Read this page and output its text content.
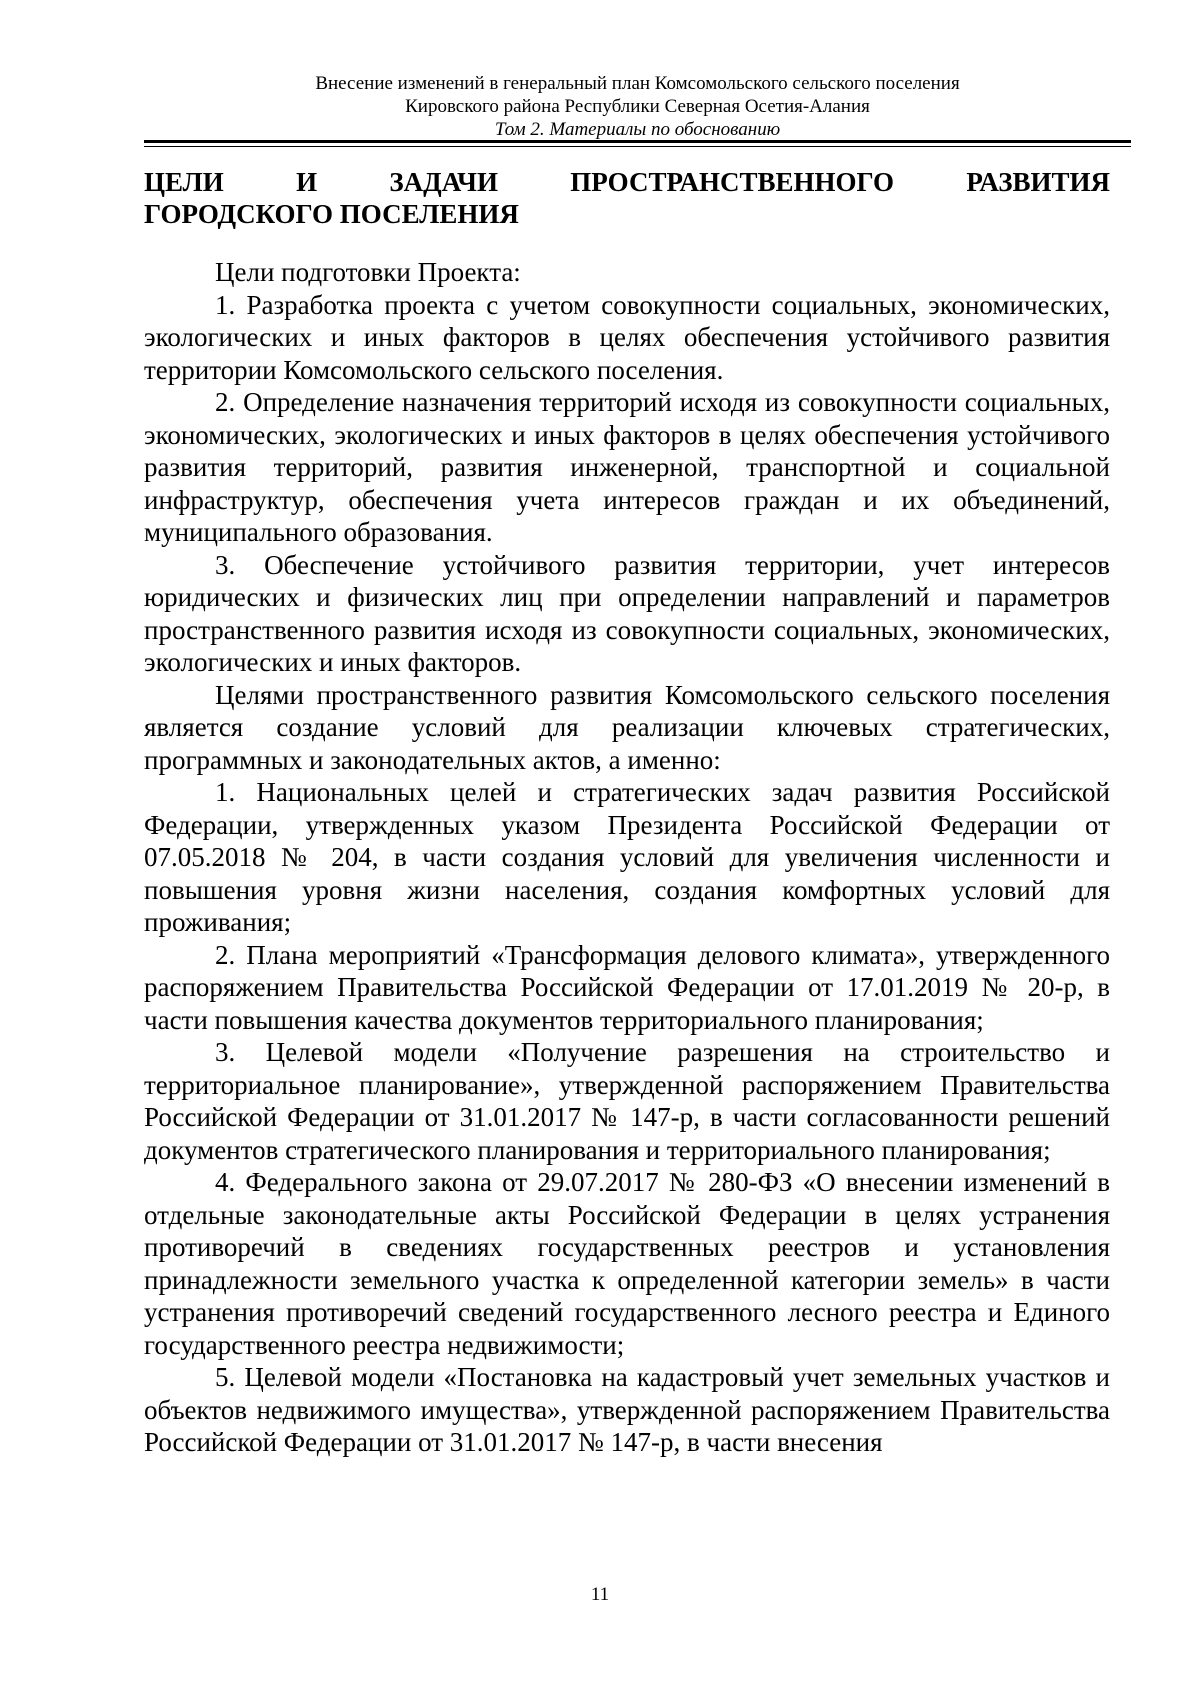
Внесение изменений в генеральный план Комсомольского сельского поселения
Кировского района Республики Северная Осетия-Алания
Том 2. Материалы по обоснованию
ЦЕЛИ И ЗАДАЧИ ПРОСТРАНСТВЕННОГО РАЗВИТИЯ
ГОРОДСКОГО ПОСЕЛЕНИЯ

Цели подготовки Проекта:

1. Разработка проекта с учетом совокупности социальных, экономических, экологических и иных факторов в целях обеспечения устойчивого развития территории Комсомольского сельского поселения.

2. Определение назначения территорий исходя из совокупности социальных, экономических, экологических и иных факторов в целях обеспечения устойчивого развития территорий, развития инженерной, транспортной и социальной инфраструктур, обеспечения учета интересов граждан и их объединений, муниципального образования.

3. Обеспечение устойчивого развития территории, учет интересов юридических и физических лиц при определении направлений и параметров пространственного развития исходя из совокупности социальных, экономических, экологических и иных факторов.

Целями пространственного развития Комсомольского сельского поселения является создание условий для реализации ключевых стратегических, программных и законодательных актов, а именно:

1. Национальных целей и стратегических задач развития Российской Федерации, утвержденных указом Президента Российской Федерации от 07.05.2018 № 204, в части создания условий для увеличения численности и повышения уровня жизни населения, создания комфортных условий для проживания;

2. Плана мероприятий «Трансформация делового климата», утвержденного распоряжением Правительства Российской Федерации от 17.01.2019 № 20-р, в части повышения качества документов территориального планирования;

3. Целевой модели «Получение разрешения на строительство и территориальное планирование», утвержденной распоряжением Правительства Российской Федерации от 31.01.2017 № 147-р, в части согласованности решений документов стратегического планирования и территориального планирования;

4. Федерального закона от 29.07.2017 № 280-ФЗ «О внесении изменений в отдельные законодательные акты Российской Федерации в целях устранения противоречий в сведениях государственных реестров и установления принадлежности земельного участка к определенной категории земель» в части устранения противоречий сведений государственного лесного реестра и Единого государственного реестра недвижимости;

5. Целевой модели «Постановка на кадастровый учет земельных участков и объектов недвижимого имущества», утвержденной распоряжением Правительства Российской Федерации от 31.01.2017 № 147-р, в части внесения

11
